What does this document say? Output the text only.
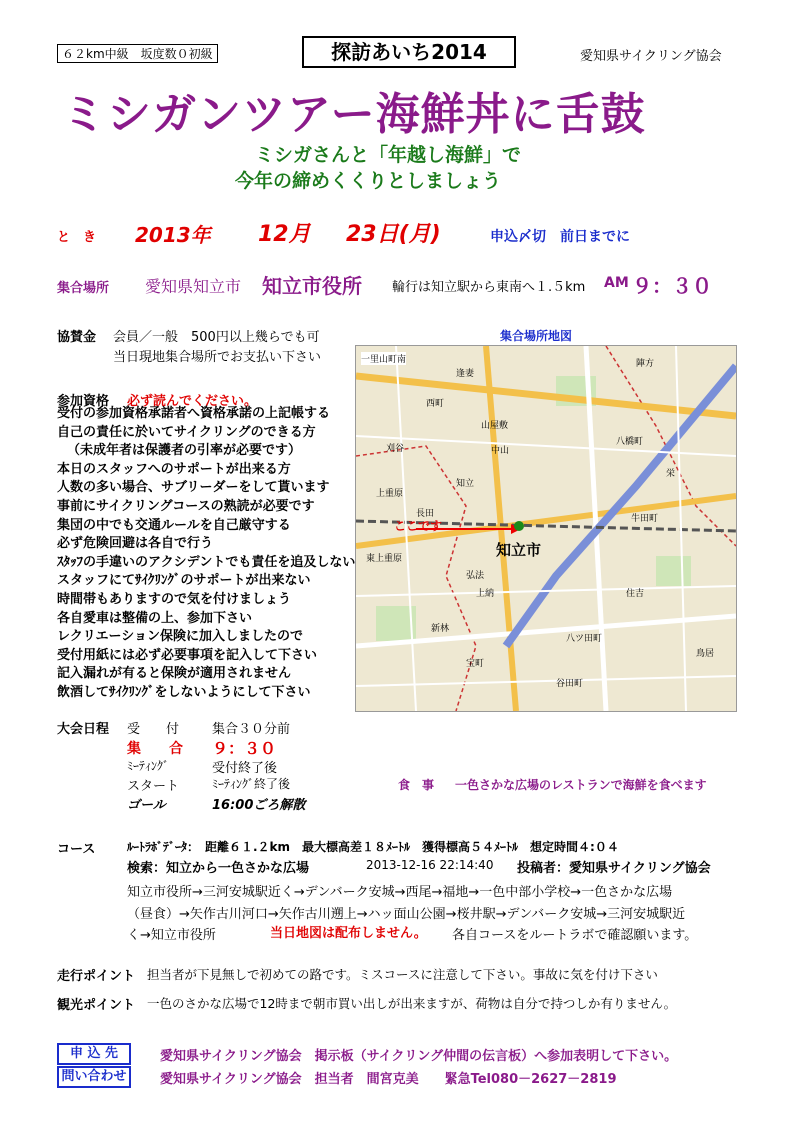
６２km中級　坂度数０初級	探訪あいち2014	愛知県サイクリング協会
ミシガンツアー海鮮丼に舌鼓
ミシガさんと「年越し海鮮」で
今年の締めくくりとしましょう
と　き 2013年 12月 23日(月)	申込〆切　前日までに
集合場所 愛知県知立市 知立市役所 輪行は知立駅から東南へ１.５km AM ９：３０
協賛金 会員／一般　500円以上幾らでも可
当日現地集合場所でお支払い下さい
集合場所地図
ここです
知立市
一里山町南
八橋町
陣方
西町
上重原
東上重原
知立
新林
弘法
八ツ田町
谷田町
宝町
住吉
牛田町
逢妻
刈谷
山屋敷
中山
長田
上納
鳥居
栄
参加資格 必ず読んでください。
受付の参加資格承諾者へ資格承諾の上記帳する
自己の責任に於いてサイクリングのできる方
（未成年者は保護者の引率が必要です）
本日のスタッフへのサポートが出来る方
人数の多い場合、サブリーダーをして貰います
事前にサイクリングコースの熟読が必要です
集団の中でも交通ルールを自己厳守する
必ず危険回避は各自で行う
ｽﾀｯﾌの手違いのアクシデントでも責任を追及しない
スタッフにてｻｲｸﾘﾝｸﾞのサポートが出来ない
時間帯もありますので気を付けましょう
各自愛車は整備の上、参加下さい
レクリエーション保険に加入しましたので
受付用紙には必ず必要事項を記入して下さい
記入漏れが有ると保険が適用されません
飲酒してｻｲｸﾘﾝｸﾞをしないようにして下さい
大会日程 受　　付	集合３０分前
集　　合 ９：３０
ﾐｰﾃｨﾝｸﾞ	受付終了後
スタート	ﾐｰﾃｨﾝｸﾞ終了後
ゴール	16:00ごろ解散
食　事 一色さかな広場のレストランで海鮮を食べます
コース	ﾙｰﾄﾗﾎﾞﾃﾞｰﾀ：　距離６１.２km　最大標高差１８ﾒｰﾄﾙ　獲得標高５４ﾒｰﾄﾙ　想定時間４:０４
検索：知立から一色さかな広場	2013-12-16 22:14:40 投稿者：愛知県サイクリング協会
知立市役所→三河安城駅近く→デンバーク安城→西尾→福地→一色中部小学校→一色さかな広場
（昼食）→矢作古川河口→矢作古川遡上→ハッ面山公園→桜井駅→デンバーク安城→三河安城駅近
く→知立市役所	当日地図は配布しません。 各自コースをルートラボで確認願います。
走行ポイント 担当者が下見無しで初めての路です。ミスコースに注意して下さい。事故に気を付け下さい
観光ポイント 一色のさかな広場で12時まで朝市買い出しが出来ますが、荷物は自分で持つしか有りません。
申 込 先	愛知県サイクリング協会　掲示板（サイクリング仲間の伝言板）へ参加表明して下さい。
問い合わせ	愛知県サイクリング協会　担当者　間宮克美　　緊急Tel080－2627－2819
